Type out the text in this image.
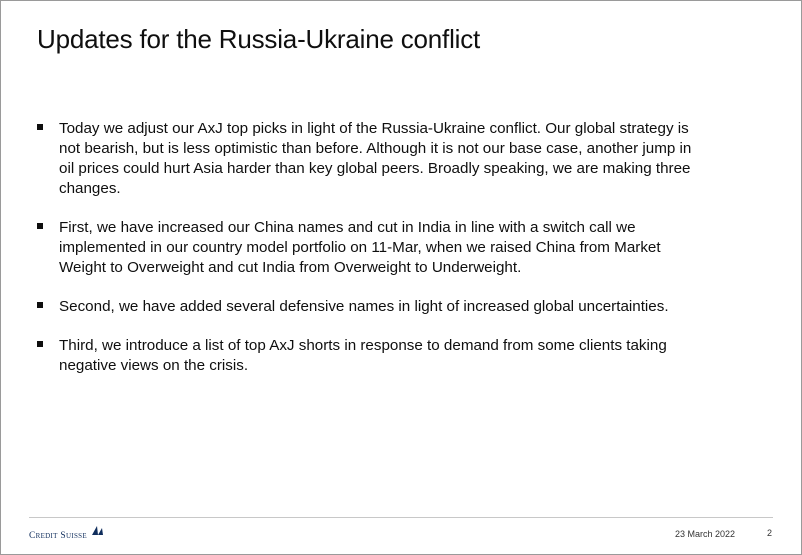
Updates for the Russia-Ukraine conflict
Today we adjust our AxJ top picks in light of the Russia-Ukraine conflict. Our global strategy is not bearish, but is less optimistic than before. Although it is not our base case, another jump in oil prices could hurt Asia harder than key global peers. Broadly speaking, we are making three changes.
First, we have increased our China names and cut in India in line with a switch call we implemented in our country model portfolio on 11-Mar, when we raised China from Market Weight to Overweight and cut India from Overweight to Underweight.
Second, we have added several defensive names in light of increased global uncertainties.
Third, we introduce a list of top AxJ shorts in response to demand from some clients taking negative views on the crisis.
Credit Suisse	23 March 2022	2
